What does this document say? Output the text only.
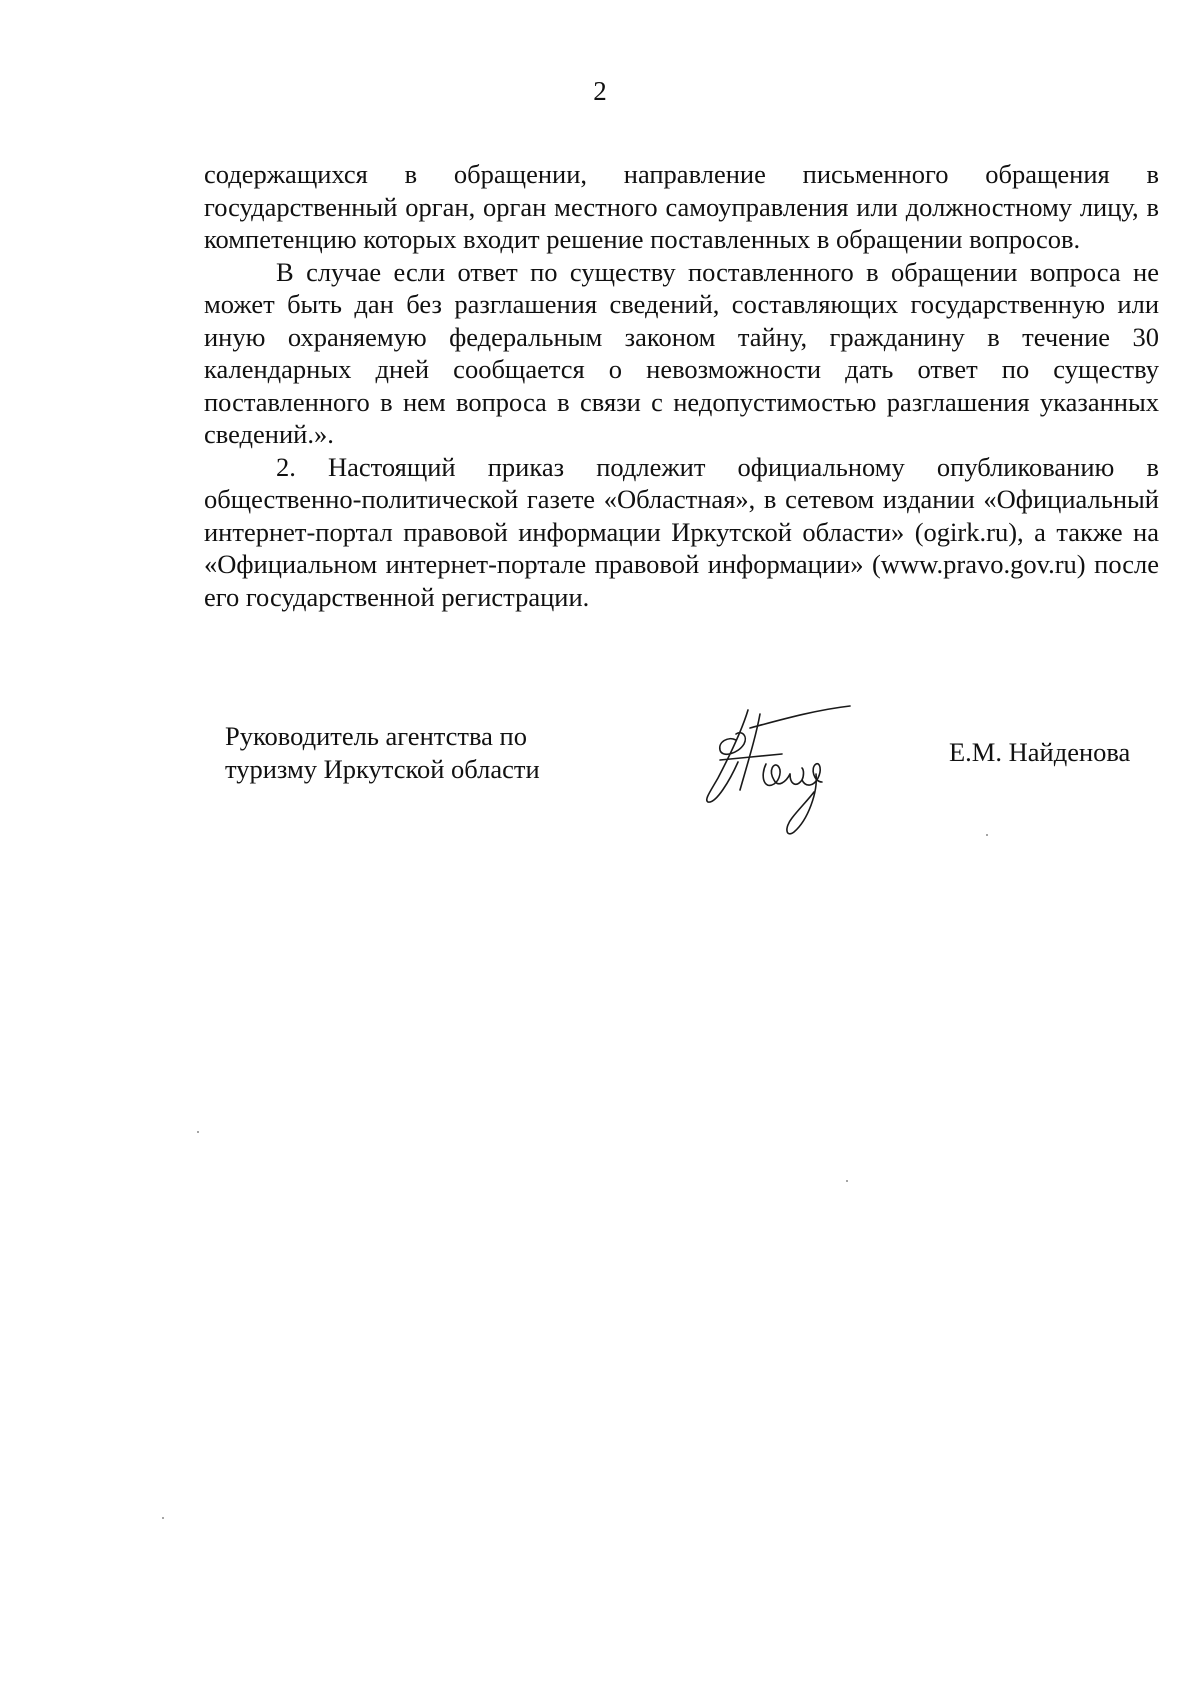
2

содержащихся в обращении, направление письменного обращения в государственный орган, орган местного самоуправления или должностному лицу, в компетенцию которых входит решение поставленных в обращении вопросов.

В случае если ответ по существу поставленного в обращении вопроса не может быть дан без разглашения сведений, составляющих государственную или иную охраняемую федеральным законом тайну, гражданину в течение 30 календарных дней сообщается о невозможности дать ответ по существу поставленного в нем вопроса в связи с недопустимостью разглашения указанных сведений.».

2. Настоящий приказ подлежит официальному опубликованию в общественно-политической газете «Областная», в сетевом издании «Официальный интернет-портал правовой информации Иркутской области» (ogirk.ru), а также на «Официальном интернет-портале правовой информации» (www.pravo.gov.ru) после его государственной регистрации.

Руководитель агентства по
туризму Иркутской области
Е.М. Найденова
